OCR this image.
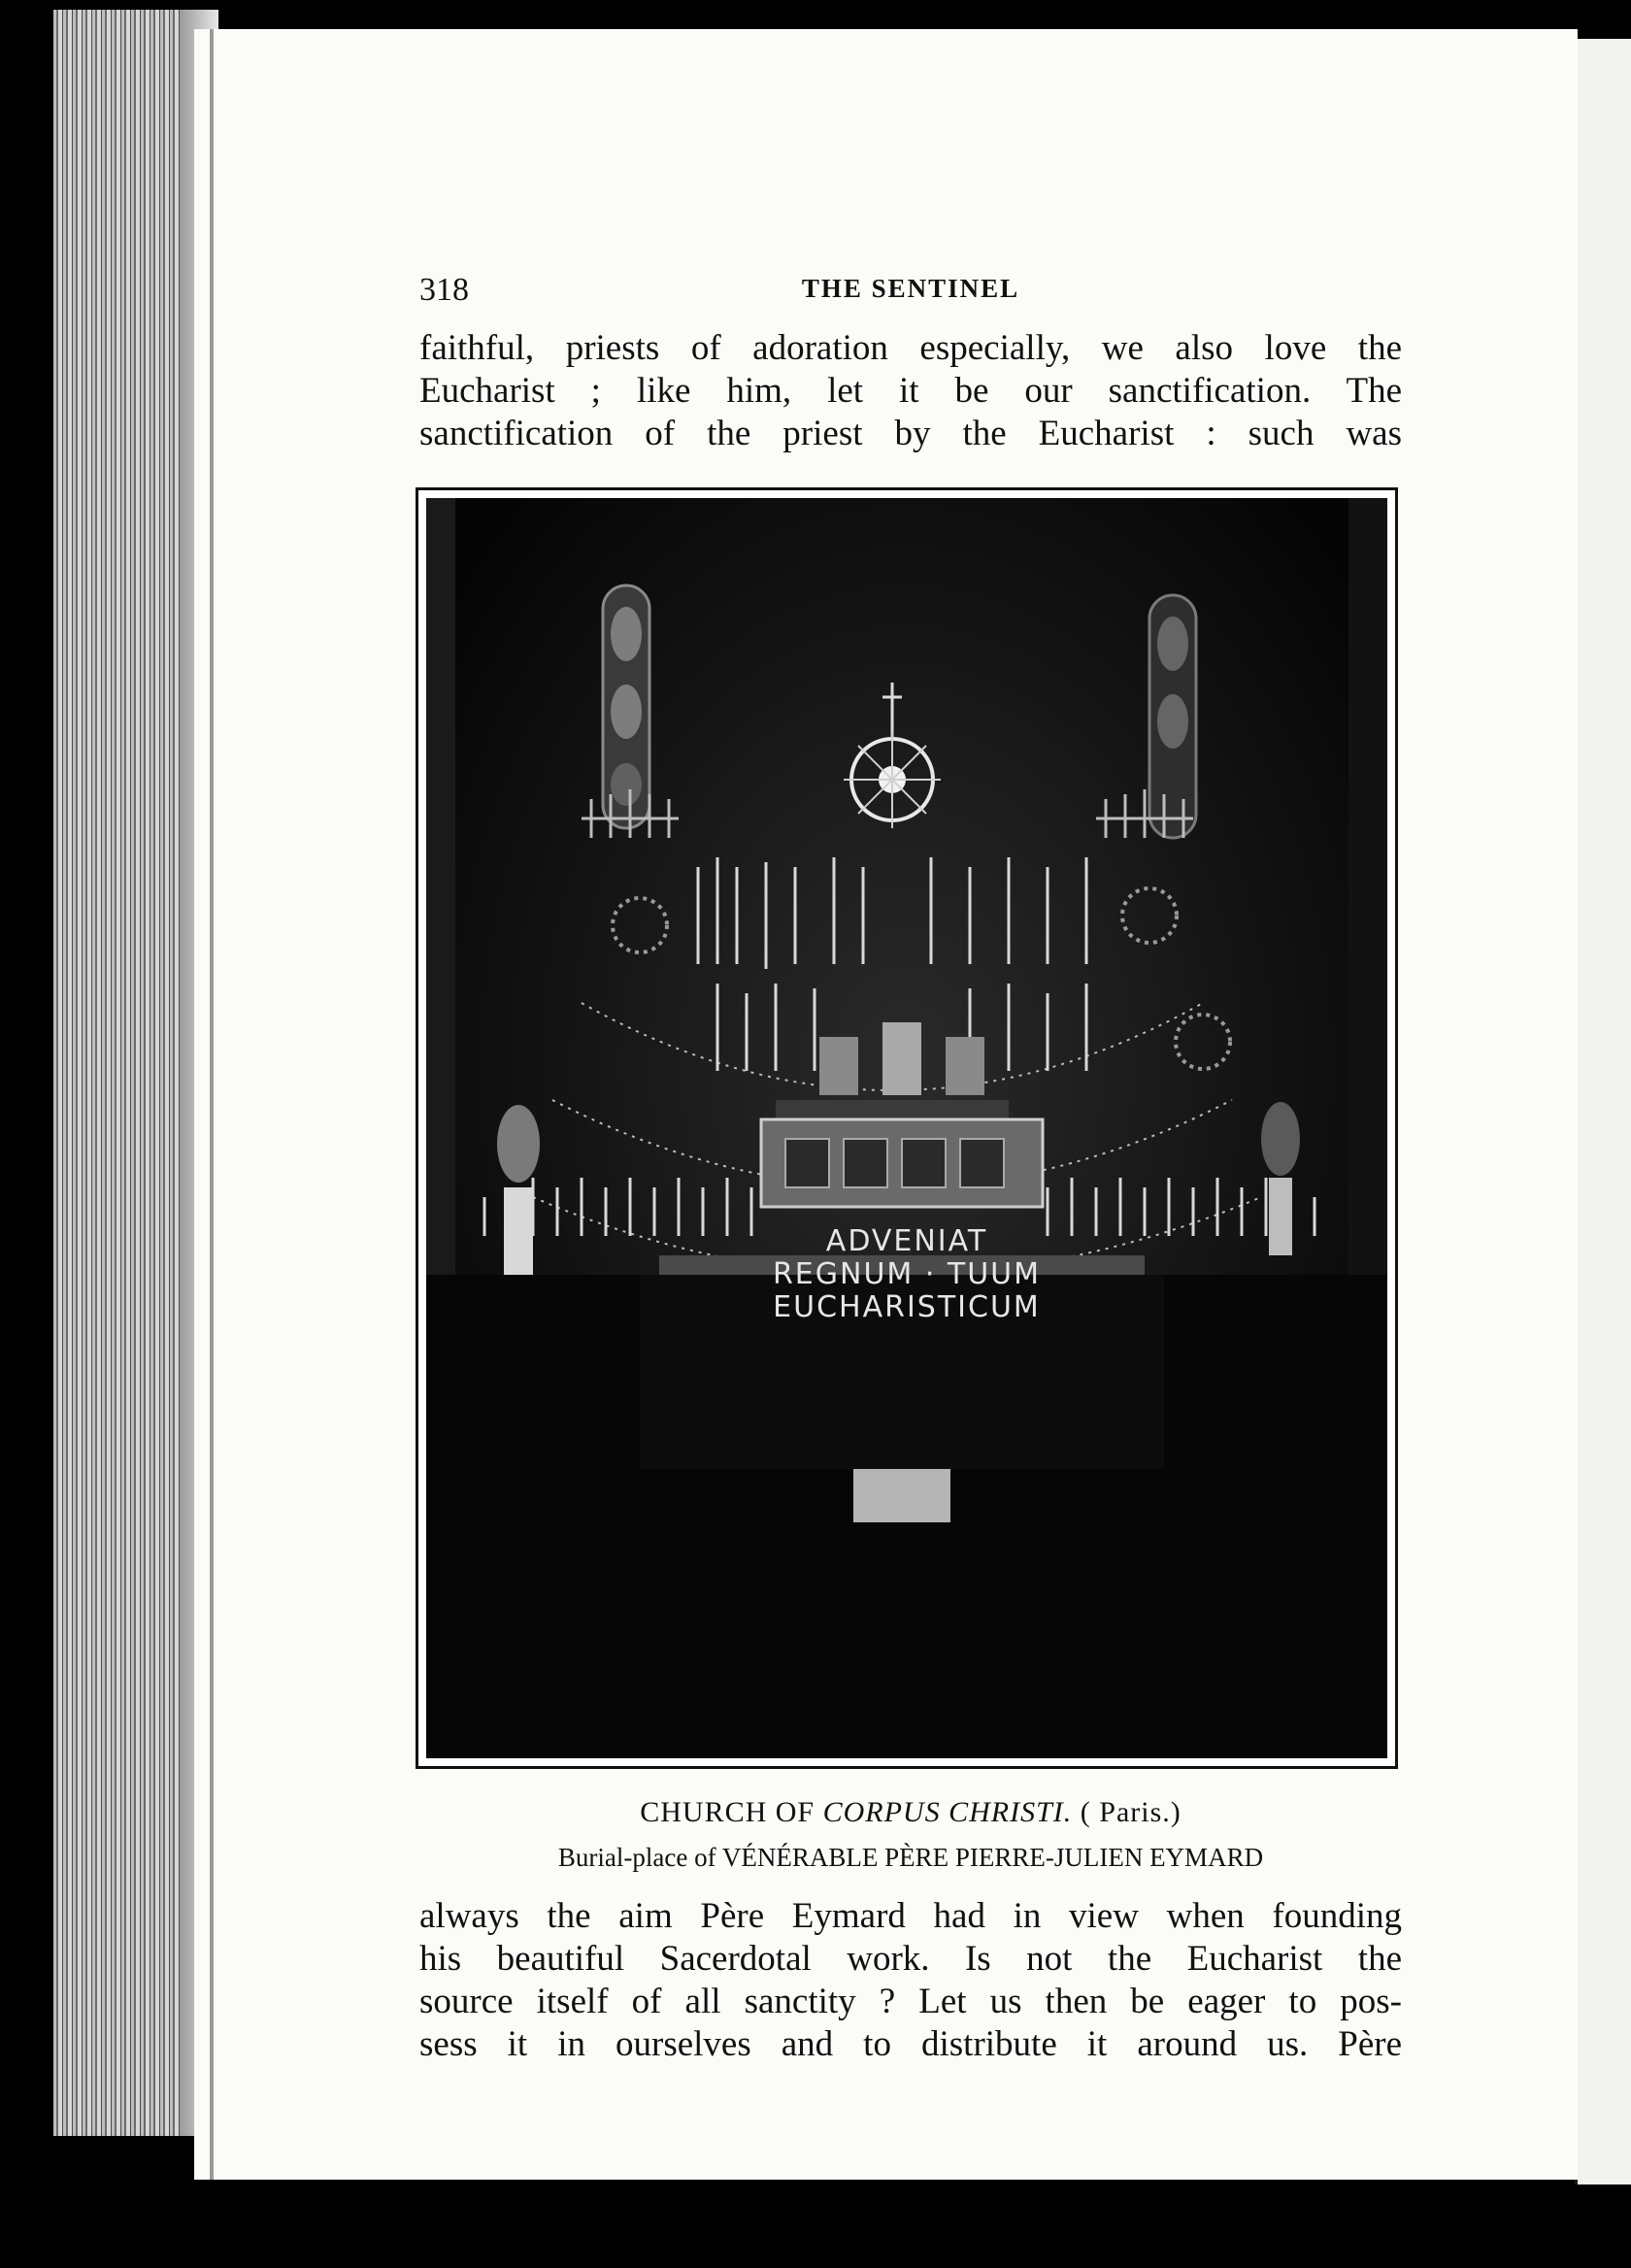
318	THE SENTINEL
faithful, priests of adoration especially, we also love the
Eucharist ; like him, let it be our sanctification. The
sanctification of the priest by the Eucharist : such was
ADVENIAT
REGNUM · TUUM
EUCHARISTICUM
CHURCH OF CORPUS CHRISTI. ( Paris.)
Burial-place of VÉNÉRABLE PÈRE PIERRE-JULIEN EYMARD
always the aim Père Eymard had in view when founding
his beautiful Sacerdotal work. Is not the Eucharist the
source itself of all sanctity ? Let us then be eager to pos-
sess it in ourselves and to distribute it around us. Père
